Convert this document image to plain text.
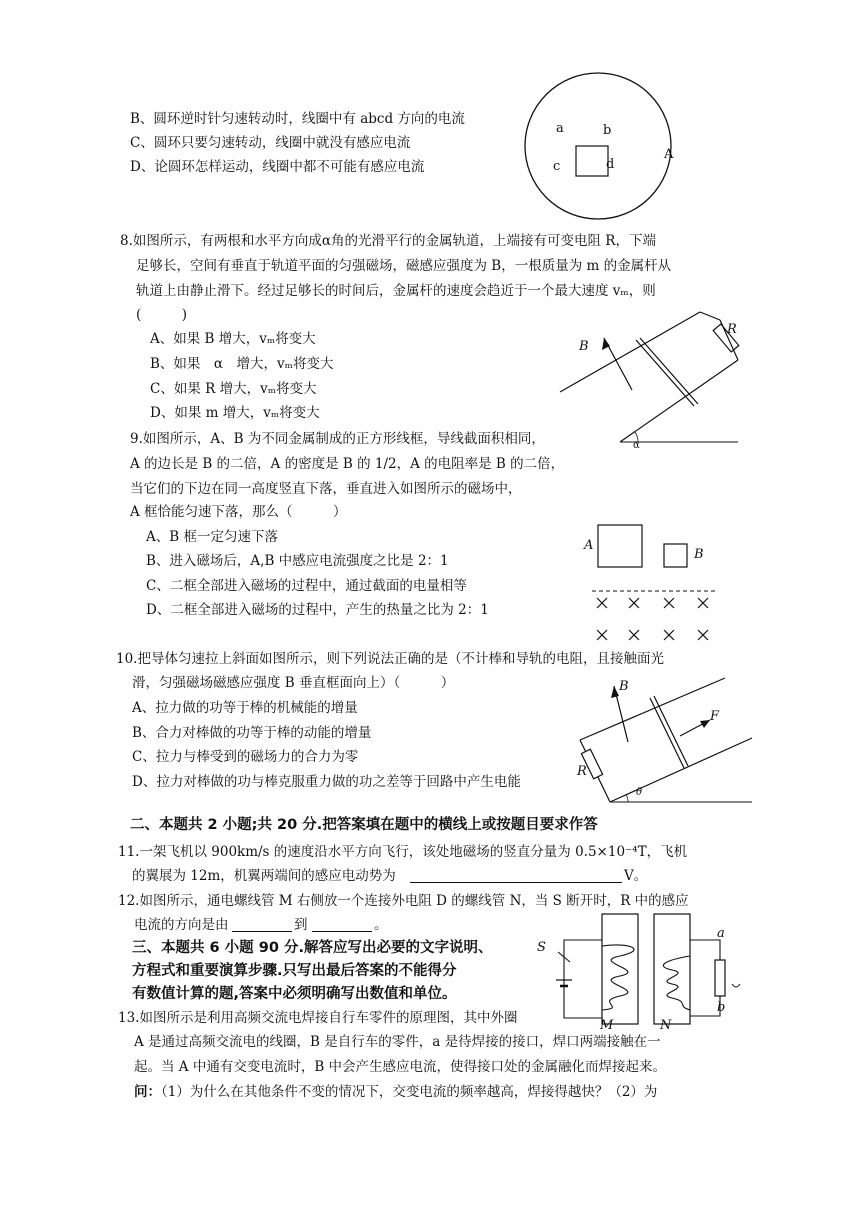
B、圆环逆时针匀速转动时，线圈中有 abcd 方向的电流
C、圆环只要匀速转动，线圈中就没有感应电流
D、论圆环怎样运动，线圈中都不可能有感应电流
a	b
c	d
A
8.如图所示，有两根和水平方向成α角的光滑平行的金属轨道，上端接有可变电阻 R，下端
足够长，空间有垂直于轨道平面的匀强磁场，磁感应强度为 B，一根质量为 m 的金属杆从
轨道上由静止滑下。经过足够长的时间后，金属杆的速度会趋近于一个最大速度 vₘ，则
(　　　)
A、如果 B 增大，vₘ将变大
B、如果　α　增大，vₘ将变大
C、如果 R 增大，vₘ将变大
D、如果 m 增大，vₘ将变大
B
R
α
9.如图所示，A、B 为不同金属制成的正方形线框，导线截面积相同，
A 的边长是 B 的二倍，A 的密度是 B 的 1/2，A 的电阻率是 B 的二倍，
当它们的下边在同一高度竖直下落，垂直进入如图所示的磁场中，
A 框恰能匀速下落，那么（　　　）
A、B 框一定匀速下落
B、进入磁场后，A,B 中感应电流强度之比是 2：1
C、二框全部进入磁场的过程中，通过截面的电量相等
D、二框全部进入磁场的过程中，产生的热量之比为 2：1
A
B
10.把导体匀速拉上斜面如图所示，则下列说法正确的是（不计棒和导轨的电阻，且接触面光
滑，匀强磁场磁感应强度 B 垂直框面向上）（　　　）
A、拉力做的功等于棒的机械能的增量
B、合力对棒做的功等于棒的动能的增量
C、拉力与棒受到的磁场力的合力为零
D、拉力对棒做的功与棒克服重力做的功之差等于回路中产生电能
B
F
R
θ
二、本题共 2 小题;共 20 分.把答案填在题中的横线上或按题目要求作答
11.一架飞机以 900km/s 的速度沿水平方向飞行，该处地磁场的竖直分量为 0.5×10⁻⁴T，飞机
的翼展为 12m，机翼两端间的感应电动势为	V。
12.如图所示，通电螺线管 M 右侧放一个连接外电阻 D 的螺线管 N，当 S 断开时，R 中的感应
电流的方向是由	到	。
三、本题共 6 小题 90 分.解答应写出必要的文字说明、
方程式和重要演算步骤.只写出最后答案的不能得分
有数值计算的题,答案中必须明确写出数值和单位。
S
M	N
a
b
13.如图所示是利用高频交流电焊接自行车零件的原理图，其中外圈
A 是通过高频交流电的线圈，B 是自行车的零件，a 是待焊接的接口，焊口两端接触在一
起。当 A 中通有交变电流时，B 中会产生感应电流，使得接口处的金属融化而焊接起来。
问：（1）为什么在其他条件不变的情况下，交变电流的频率越高，焊接得越快？（2）为
